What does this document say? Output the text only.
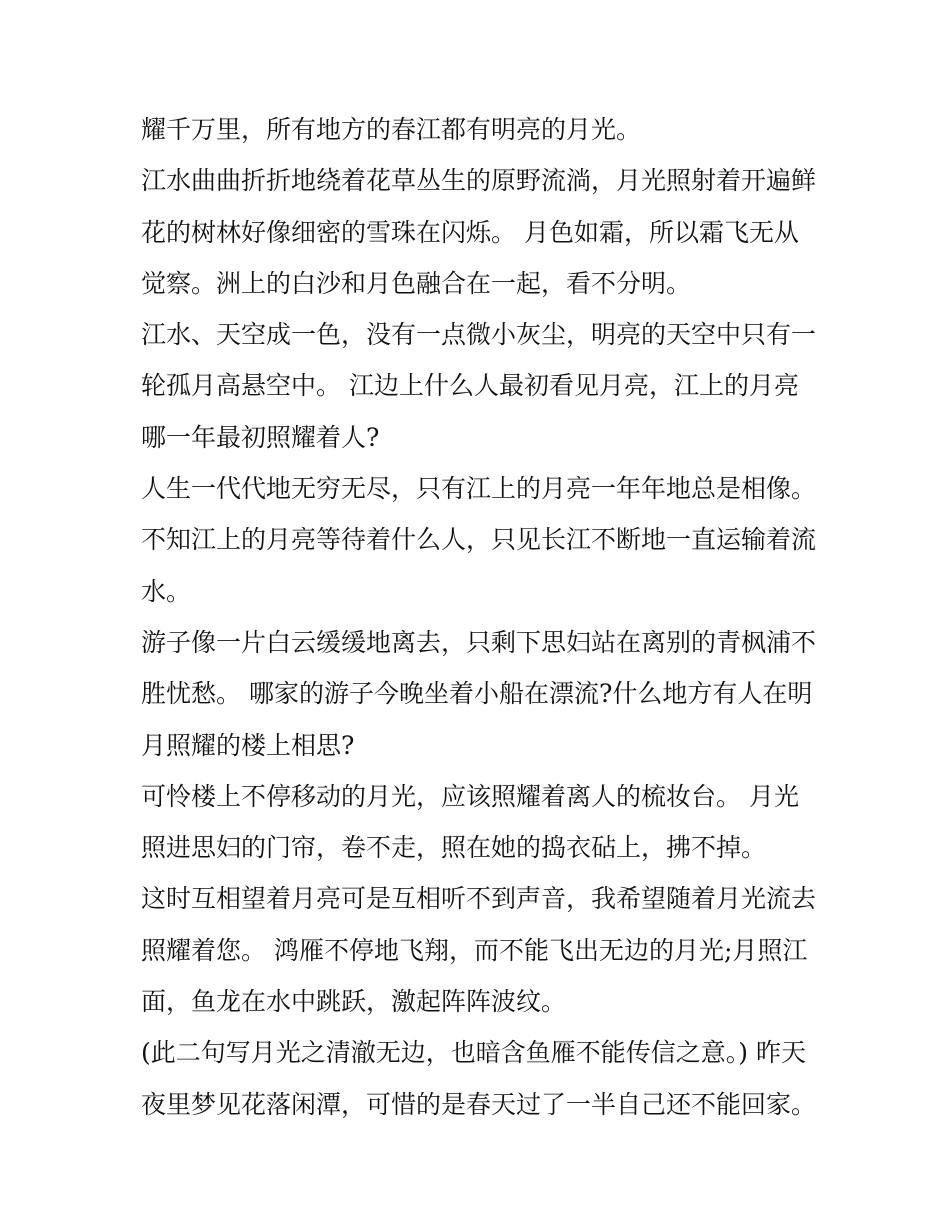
耀千万里，所有地方的春江都有明亮的月光。
江水曲曲折折地绕着花草丛生的原野流淌，月光照射着开遍鲜
花的树林好像细密的雪珠在闪烁。 月色如霜，所以霜飞无从
觉察。洲上的白沙和月色融合在一起，看不分明。
江水、天空成一色，没有一点微小灰尘，明亮的天空中只有一
轮孤月高悬空中。 江边上什么人最初看见月亮，江上的月亮
哪一年最初照耀着人?
人生一代代地无穷无尽，只有江上的月亮一年年地总是相像。
不知江上的月亮等待着什么人，只见长江不断地一直运输着流
水。
游子像一片白云缓缓地离去，只剩下思妇站在离别的青枫浦不
胜忧愁。 哪家的游子今晚坐着小船在漂流?什么地方有人在明
月照耀的楼上相思?
可怜楼上不停移动的月光，应该照耀着离人的梳妆台。 月光
照进思妇的门帘，卷不走，照在她的捣衣砧上，拂不掉。
这时互相望着月亮可是互相听不到声音，我希望随着月光流去
照耀着您。 鸿雁不停地飞翔，而不能飞出无边的月光;月照江
面，鱼龙在水中跳跃，激起阵阵波纹。
(此二句写月光之清澈无边，也暗含鱼雁不能传信之意。) 昨天
夜里梦见花落闲潭，可惜的是春天过了一半自己还不能回家。
